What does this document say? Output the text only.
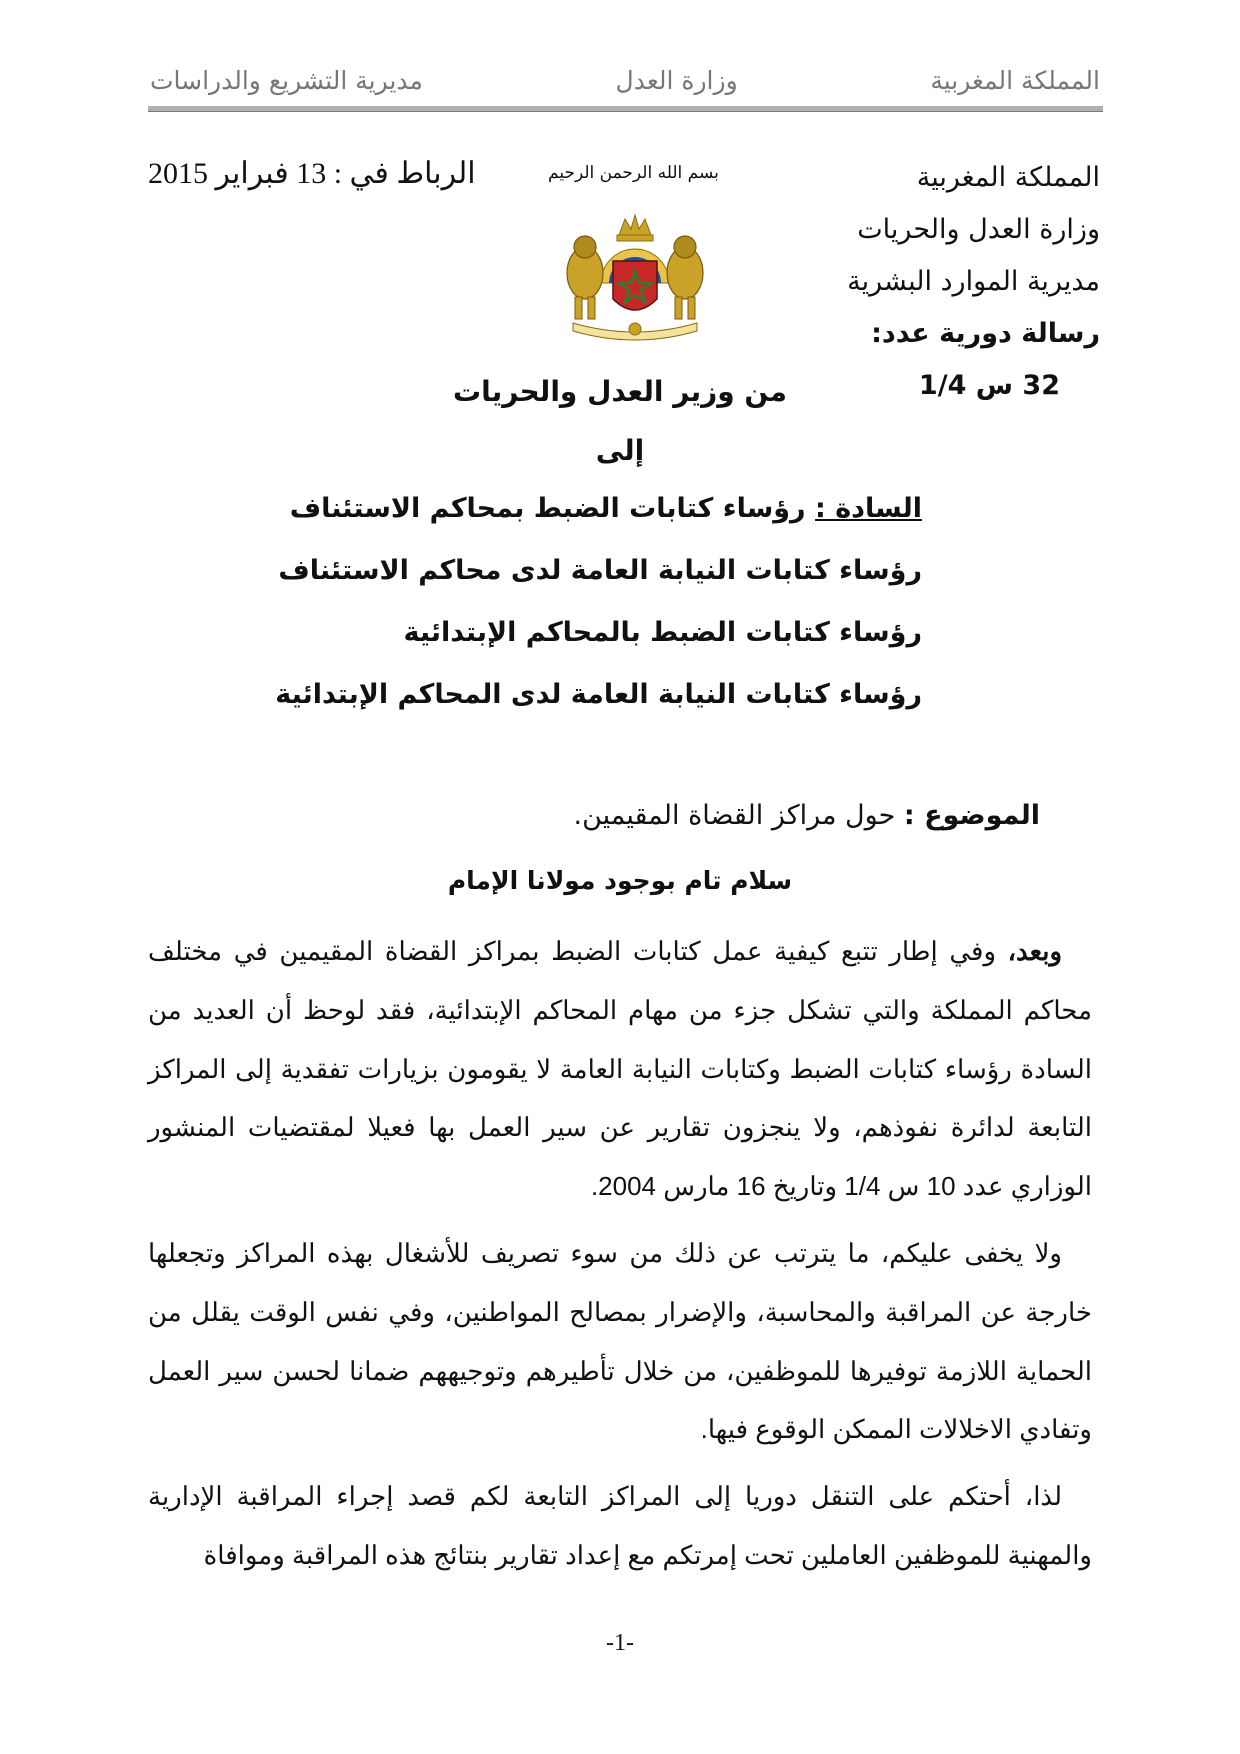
مديرية التشريع والدراسات	وزارة العدل	المملكة المغربية
المملكة المغربية
وزارة العدل والحريات
مديرية الموارد البشرية
رسالة دورية عدد:
32 س 1/4
بسم الله الرحمن الرحيم
الرباط في : 13 فبراير 2015
من وزير العدل والحريات
إلى
السادة : رؤساء كتابات الضبط بمحاكم الاستئناف
رؤساء كتابات النيابة العامة لدى محاكم الاستئناف
رؤساء كتابات الضبط بالمحاكم الإبتدائية
رؤساء كتابات النيابة العامة لدى المحاكم الإبتدائية
الموضوع : حول مراكز القضاة المقيمين.
سلام تام بوجود مولانا الإمام

وبعد، وفي إطار تتبع كيفية عمل كتابات الضبط بمراكز القضاة المقيمين في مختلف محاكم المملكة والتي تشكل جزء من مهام المحاكم الإبتدائية، فقد لوحظ أن العديد من السادة رؤساء كتابات الضبط وكتابات النيابة العامة لا يقومون بزيارات تفقدية إلى المراكز التابعة لدائرة نفوذهم، ولا ينجزون تقارير عن سير العمل بها فعيلا لمقتضيات المنشور الوزاري عدد 10 س 1/4 وتاريخ 16 مارس 2004.

ولا يخفى عليكم، ما يترتب عن ذلك من سوء تصريف للأشغال بهذه المراكز وتجعلها خارجة عن المراقبة والمحاسبة، والإضرار بمصالح المواطنين، وفي نفس الوقت يقلل من الحماية اللازمة توفيرها للموظفين، من خلال تأطيرهم وتوجيههم ضمانا لحسن سير العمل وتفادي الاخلالات الممكن الوقوع فيها.

لذا، أحتكم على التنقل دوريا إلى المراكز التابعة لكم قصد إجراء المراقبة الإدارية والمهنية للموظفين العاملين تحت إمرتكم مع إعداد تقارير بنتائج هذه المراقبة وموافاة

-1-
